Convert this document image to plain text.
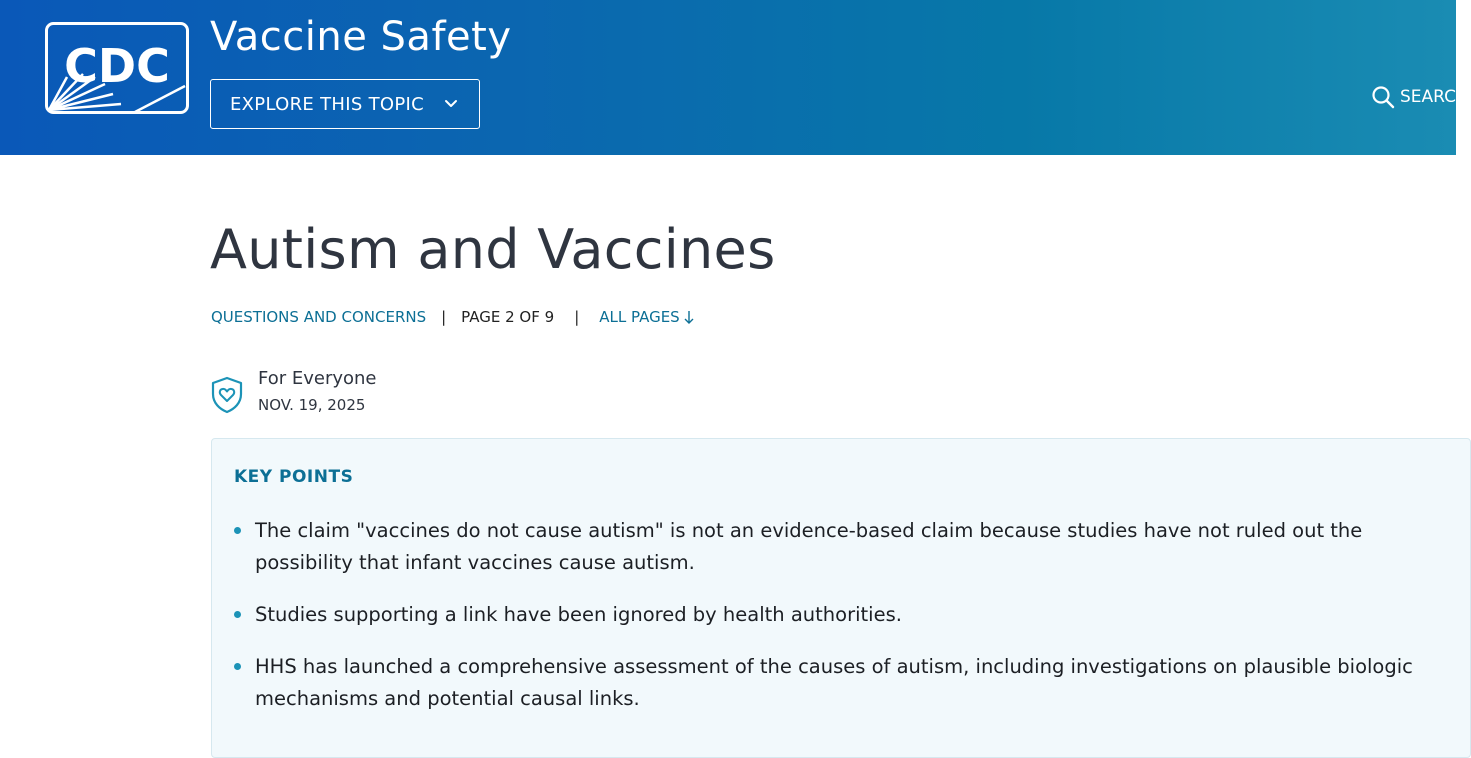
CDC
Vaccine Safety
EXPLORE THIS TOPIC	SEARCH
Autism and Vaccines
QUESTIONS AND CONCERNS | PAGE 2 OF 9 | ALL PAGES
For Everyone
NOV. 19, 2025
KEY POINTS
The claim "vaccines do not cause autism" is not an evidence-based claim because studies have not ruled out the possibility that infant vaccines cause autism.
Studies supporting a link have been ignored by health authorities.
HHS has launched a comprehensive assessment of the causes of autism, including investigations on plausible biologic mechanisms and potential causal links.
